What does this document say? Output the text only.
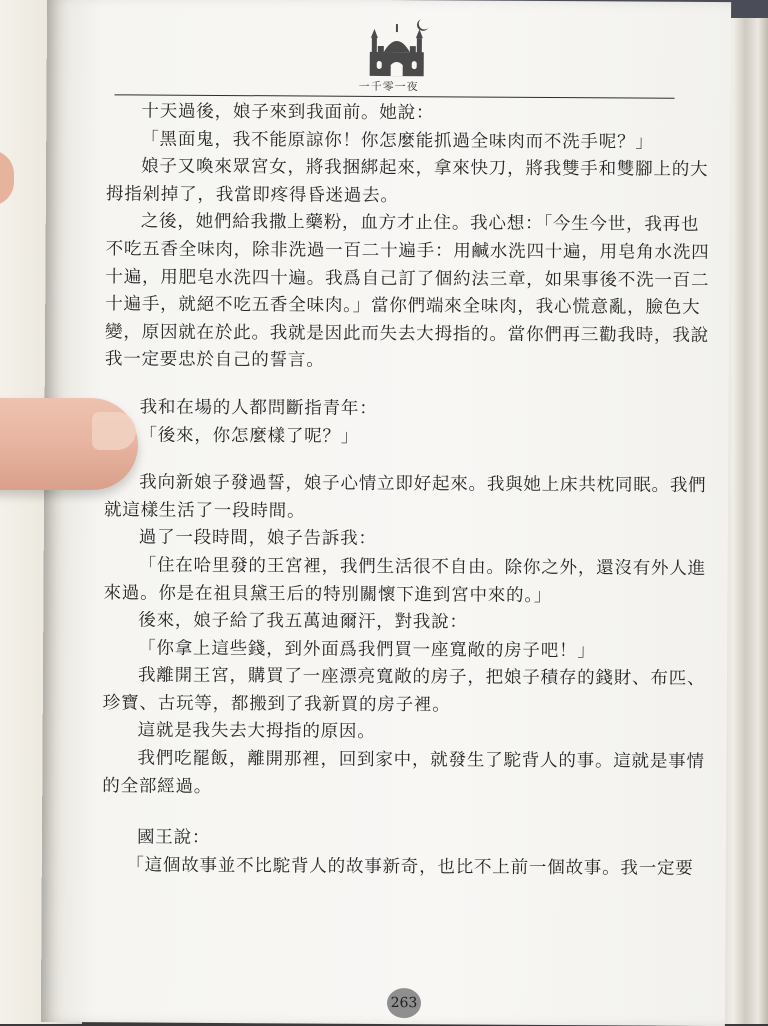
一千零一夜

十天過後，娘子來到我面前。她說：

「黑面鬼，我不能原諒你！你怎麼能抓過全味肉而不洗手呢？」

娘子又喚來眾宮女，將我捆綁起來，拿來快刀，將我雙手和雙腳上的大

拇指剁掉了，我當即疼得昏迷過去。

之後，她們給我撒上藥粉，血方才止住。我心想：「今生今世，我再也

不吃五香全味肉，除非洗過一百二十遍手：用鹹水洗四十遍，用皂角水洗四

十遍，用肥皂水洗四十遍。我爲自己訂了個約法三章，如果事後不洗一百二

十遍手，就絕不吃五香全味肉。」當你們端來全味肉，我心慌意亂，臉色大

變，原因就在於此。我就是因此而失去大拇指的。當你們再三勸我時，我說

我一定要忠於自己的誓言。

我和在場的人都問斷指青年：

「後來，你怎麼樣了呢？」

我向新娘子發過誓，娘子心情立即好起來。我與她上床共枕同眠。我們

就這樣生活了一段時間。

過了一段時間，娘子告訴我：

「住在哈里發的王宮裡，我們生活很不自由。除你之外，還沒有外人進

來過。你是在祖貝黛王后的特別關懷下進到宮中來的。」

後來，娘子給了我五萬迪爾汗，對我說：

「你拿上這些錢，到外面爲我們買一座寬敞的房子吧！」

我離開王宮，購買了一座漂亮寬敞的房子，把娘子積存的錢財、布匹、

珍寶、古玩等，都搬到了我新買的房子裡。

這就是我失去大拇指的原因。

我們吃罷飯，離開那裡，回到家中，就發生了駝背人的事。這就是事情

的全部經過。

國王說：

「這個故事並不比駝背人的故事新奇，也比不上前一個故事。我一定要

263
